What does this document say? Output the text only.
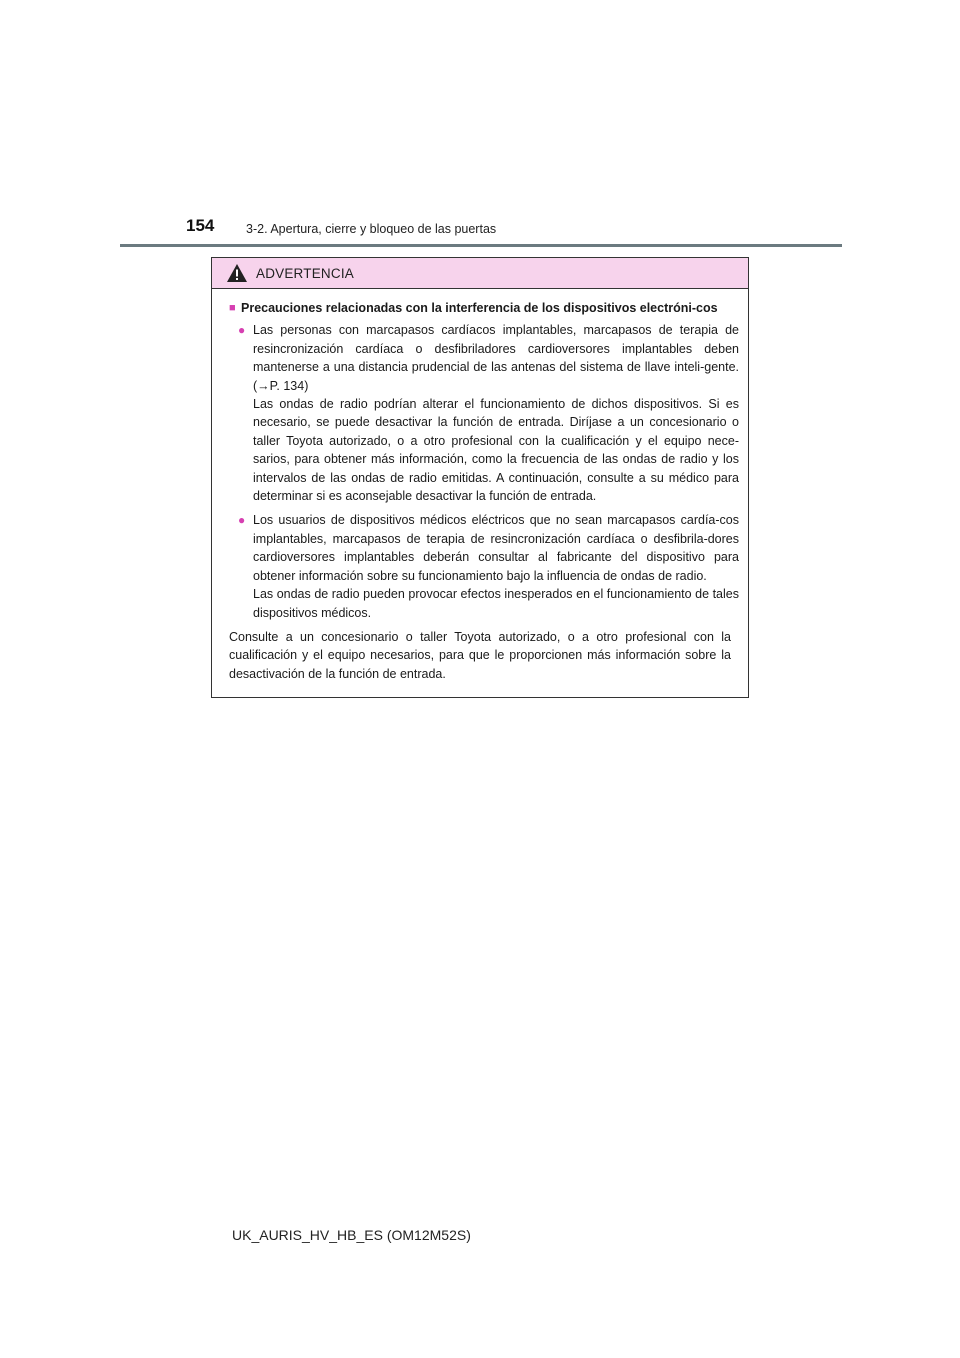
154	3-2. Apertura, cierre y bloqueo de las puertas
ADVERTENCIA
■ Precauciones relacionadas con la interferencia de los dispositivos electróni-cos
● Las personas con marcapasos cardíacos implantables, marcapasos de terapia de resincronización cardíaca o desfibriladores cardioversores implantables deben mantenerse a una distancia prudencial de las antenas del sistema de llave inteli-gente. (→P. 134)

Las ondas de radio podrían alterar el funcionamiento de dichos dispositivos. Si es necesario, se puede desactivar la función de entrada. Diríjase a un concesionario o taller Toyota autorizado, o a otro profesional con la cualificación y el equipo nece-sarios, para obtener más información, como la frecuencia de las ondas de radio y los intervalos de las ondas de radio emitidas. A continuación, consulte a su médico para determinar si es aconsejable desactivar la función de entrada.

● Los usuarios de dispositivos médicos eléctricos que no sean marcapasos cardía-cos implantables, marcapasos de terapia de resincronización cardíaca o desfibrila-dores cardioversores implantables deberán consultar al fabricante del dispositivo para obtener información sobre su funcionamiento bajo la influencia de ondas de radio.

Las ondas de radio pueden provocar efectos inesperados en el funcionamiento de tales dispositivos médicos.

Consulte a un concesionario o taller Toyota autorizado, o a otro profesional con la cualificación y el equipo necesarios, para que le proporcionen más información sobre la desactivación de la función de entrada.

UK_AURIS_HV_HB_ES (OM12M52S)
